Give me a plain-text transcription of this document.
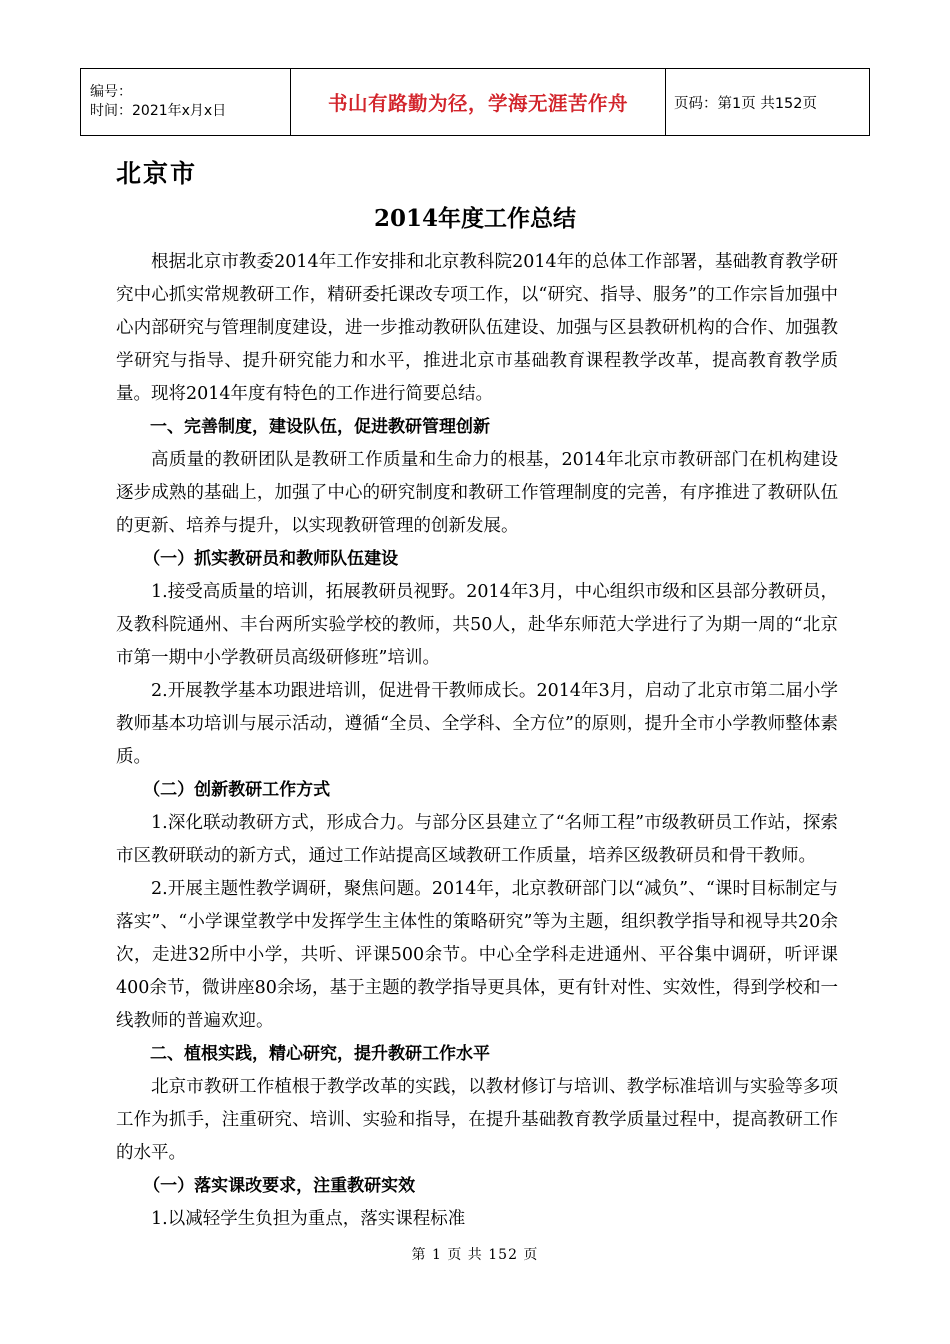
编号：
时间：2021年x月x日	书山有路勤为径，学海无涯苦作舟	页码：第1页 共152页
北京市
2014年度工作总结

根据北京市教委2014年工作安排和北京教科院2014年的总体工作部署，基础教育教学研究中心抓实常规教研工作，精研委托课改专项工作，以“研究、指导、服务”的工作宗旨加强中心内部研究与管理制度建设，进一步推动教研队伍建设、加强与区县教研机构的合作、加强教学研究与指导、提升研究能力和水平，推进北京市基础教育课程教学改革，提高教育教学质量。现将2014年度有特色的工作进行简要总结。

一、完善制度，建设队伍，促进教研管理创新

高质量的教研团队是教研工作质量和生命力的根基，2014年北京市教研部门在机构建设逐步成熟的基础上，加强了中心的研究制度和教研工作管理制度的完善，有序推进了教研队伍的更新、培养与提升，以实现教研管理的创新发展。

（一）抓实教研员和教师队伍建设

1.接受高质量的培训，拓展教研员视野。2014年3月，中心组织市级和区县部分教研员，及教科院通州、丰台两所实验学校的教师，共50人，赴华东师范大学进行了为期一周的“北京市第一期中小学教研员高级研修班”培训。

2.开展教学基本功跟进培训，促进骨干教师成长。2014年3月，启动了北京市第二届小学教师基本功培训与展示活动，遵循“全员、全学科、全方位”的原则，提升全市小学教师整体素质。

（二）创新教研工作方式

1.深化联动教研方式，形成合力。与部分区县建立了“名师工程”市级教研员工作站，探索市区教研联动的新方式，通过工作站提高区域教研工作质量，培养区级教研员和骨干教师。

2.开展主题性教学调研，聚焦问题。2014年，北京教研部门以“减负”、“课时目标制定与落实”、“小学课堂教学中发挥学生主体性的策略研究”等为主题，组织教学指导和视导共20余次，走进32所中小学，共听、评课500余节。中心全学科走进通州、平谷集中调研，听评课400余节，微讲座80余场，基于主题的教学指导更具体，更有针对性、实效性，得到学校和一线教师的普遍欢迎。

二、植根实践，精心研究，提升教研工作水平

北京市教研工作植根于教学改革的实践，以教材修订与培训、教学标准培训与实验等多项工作为抓手，注重研究、培训、实验和指导，在提升基础教育教学质量过程中，提高教研工作的水平。

（一）落实课改要求，注重教研实效

1.以减轻学生负担为重点，落实课程标准

第 1 页 共 152 页
